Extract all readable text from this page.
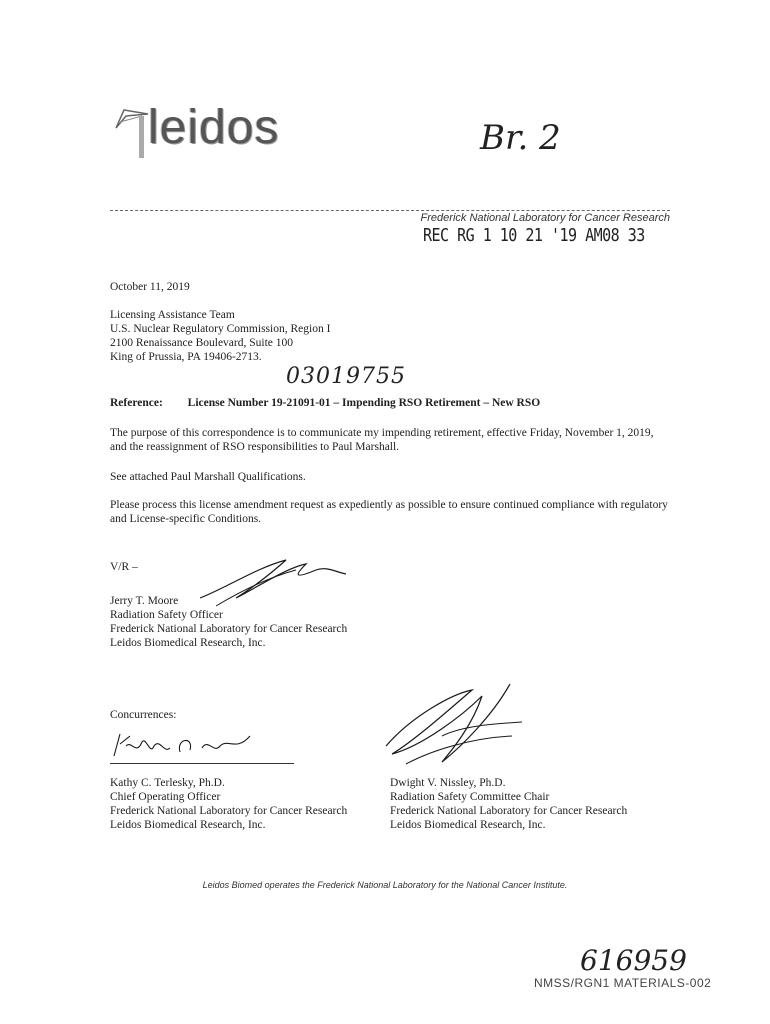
leidos	Br. 2
Frederick National Laboratory for Cancer Research
REC RG 1 10 21 '19 AM08 33
October 11, 2019
Licensing Assistance Team
U.S. Nuclear Regulatory Commission, Region I
2100 Renaissance Boulevard, Suite 100
King of Prussia, PA 19406-2713.
03019755
Reference: License Number 19-21091-01 – Impending RSO Retirement – New RSO
The purpose of this correspondence is to communicate my impending retirement, effective Friday, November 1, 2019, and the reassignment of RSO responsibilities to Paul Marshall.
See attached Paul Marshall Qualifications.
Please process this license amendment request as expediently as possible to ensure continued compliance with regulatory and License-specific Conditions.
V/R –
Jerry T. Moore
Radiation Safety Officer
Frederick National Laboratory for Cancer Research
Leidos Biomedical Research, Inc.
Concurrences:
Kathy C. Terlesky, Ph.D.
Chief Operating Officer
Frederick National Laboratory for Cancer Research
Leidos Biomedical Research, Inc.
Dwight V. Nissley, Ph.D.
Radiation Safety Committee Chair
Frederick National Laboratory for Cancer Research
Leidos Biomedical Research, Inc.
Leidos Biomed operates the Frederick National Laboratory for the National Cancer Institute.
616959
NMSS/RGN1 MATERIALS-002
